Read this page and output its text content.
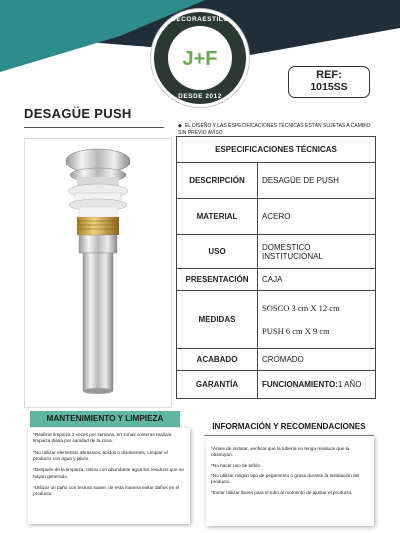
DECORAESTILO
J+F
DESDE 2012
REF:
1015SS
DESAGÜE PUSH
◆ EL DISEÑO Y LAS ESPECIFICACIONES TÉCNICAS ESTÁN SUJETAS A CAMBIO SIN PREVIO AVISO.
ESPECIFICACIONES TÉCNICAS	
DESCRIPCIÓN	DESAGÜE DE PUSH

MATERIAL	ACERO

USO	DOMESTICO
INSTITUCIONAL

PRESENTACIÓN	CAJA

MEDIDAS	SOSCO 3 cm X 12 cm
PUSH 6 cm X 9 cm

ACABADO	CROMADO

GARANTÍA	FUNCIONAMIENTO:1 AÑO
MANTENIMIENTO Y LIMPIEZA
*Realizar limpieza 2 veces por semana, en zonas costeras realizar limpieza diaria por sanidad de la zona.
*No utilizar elementos abrasivos, ácidos o disolventes. Limpiar el producto con agua y jabón.
*Después de la limpieza, retirar con abundante agua los residuos que se hayan generado.
*Utilizar un paño con textura suave, de esta manera evitar daños en el producto.
INFORMACIÓN Y RECOMENDACIONES
*Antes de instalar, verificar que la tubería no tenga residuos que la obstruyan.
*No hacer uso de teflón.
*No utilizar ningún tipo de pegamento o grasa durante la instalación del producto.
*Evitar utilizar llaves para el tubo al momento de ajustar el producto.
